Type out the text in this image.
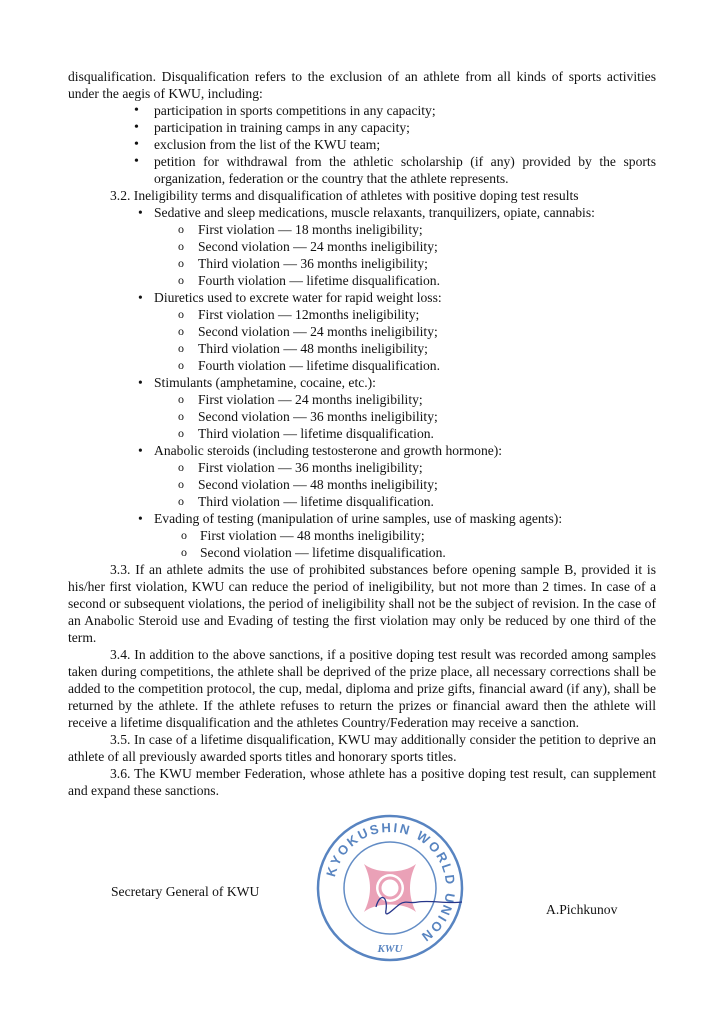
disqualification. Disqualification refers to the exclusion of an athlete from all kinds of sports activities under the aegis of KWU, including:

• participation in sports competitions in any capacity;
• participation in training camps in any capacity;
• exclusion from the list of the KWU team;
• petition for withdrawal from the athletic scholarship (if any) provided by the sports organization, federation or the country that the athlete represents.

3.2. Ineligibility terms and disqualification of athletes with positive doping test results

• Sedative and sleep medications, muscle relaxants, tranquilizers, opiate, cannabis:

o First violation — 18 months ineligibility;

o Second violation — 24 months ineligibility;

o Third violation — 36 months ineligibility;

o Fourth violation — lifetime disqualification.

• Diuretics used to excrete water for rapid weight loss:

o First violation — 12months ineligibility;

o Second violation — 24 months ineligibility;

o Third violation — 48 months ineligibility;

o Fourth violation — lifetime disqualification.

• Stimulants (amphetamine, cocaine, etc.):

o First violation — 24 months ineligibility;

o Second violation — 36 months ineligibility;

o Third violation — lifetime disqualification.

• Anabolic steroids (including testosterone and growth hormone):

o First violation — 36 months ineligibility;

o Second violation — 48 months ineligibility;

o Third violation — lifetime disqualification.

• Evading of testing (manipulation of urine samples, use of masking agents):

o First violation — 48 months ineligibility;

o Second violation — lifetime disqualification.

3.3. If an athlete admits the use of prohibited substances before opening sample B, provided it is his/her first violation, KWU can reduce the period of ineligibility, but not more than 2 times. In case of a second or subsequent violations, the period of ineligibility shall not be the subject of revision. In the case of an Anabolic Steroid use and Evading of testing the first violation may only be reduced by one third of the term.

3.4. In addition to the above sanctions, if a positive doping test result was recorded among samples taken during competitions, the athlete shall be deprived of the prize place, all necessary corrections shall be added to the competition protocol, the cup, medal, diploma and prize gifts, financial award (if any), shall be returned by the athlete. If the athlete refuses to return the prizes or financial award then the athlete will receive a lifetime disqualification and the athletes Country/Federation may receive a sanction.

3.5. In case of a lifetime disqualification, KWU may additionally consider the petition to deprive an athlete of all previously awarded sports titles and honorary sports titles.

3.6. The KWU member Federation, whose athlete has a positive doping test result, can supplement and expand these sanctions.

Secretary General of KWU
A.Pichkunov
KYOKUSHIN WORLD UNION
KWU
